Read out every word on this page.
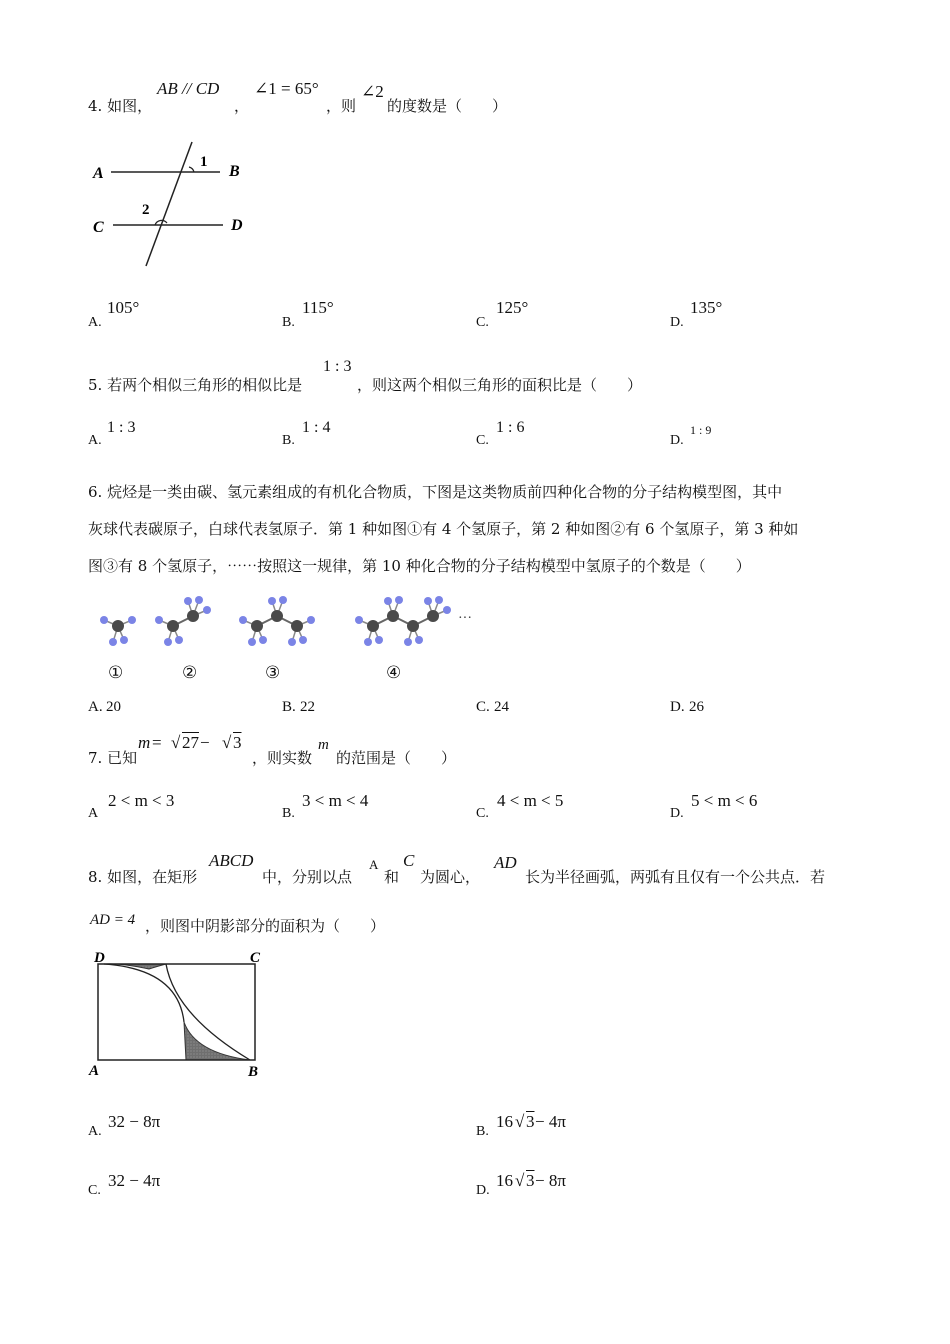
4. 如图，
AB // CD
，
∠1 = 65°
，则
∠2
的度数是（　　）
A	B
C	D
1
2
A.
105°
B.
115°
C.
125°
D.
135°
5. 若两个相似三角形的相似比是
1 : 3
，则这两个相似三角形的面积比是（　　）
A.
1 : 3
B.
1 : 4
C.
1 : 6
D.
1 : 9
6. 烷烃是一类由碳、氢元素组成的有机化合物质，下图是这类物质前四种化合物的分子结构模型图，其中
灰球代表碳原子，白球代表氢原子．第 1 种如图①有 4 个氢原子，第 2 种如图②有 6 个氢原子，第 3 种如
图③有 8 个氢原子，⋯⋯按照这一规律，第 10 种化合物的分子结构模型中氢原子的个数是（　　）
···
①	②	③	④
A. 20	B. 22	C. 24	D. 26
7. 已知
m = √ 27 − √ 3
，则实数
m
的范围是（　　）
A
2 < m < 3
B.
3 < m < 4
C.
4 < m < 5
D.
5 < m < 6
8. 如图，在矩形
ABCD
中，分别以点
A
和
C
为圆心，
AD
长为半径画弧，两弧有且仅有一个公共点．若
AD = 4 ，则图中阴影部分的面积为（　　）
D	C
A	B
A.
32 − 8π
B.
16 √ 3 − 4π
C.
32 − 4π
D.
16 √ 3 − 8π
